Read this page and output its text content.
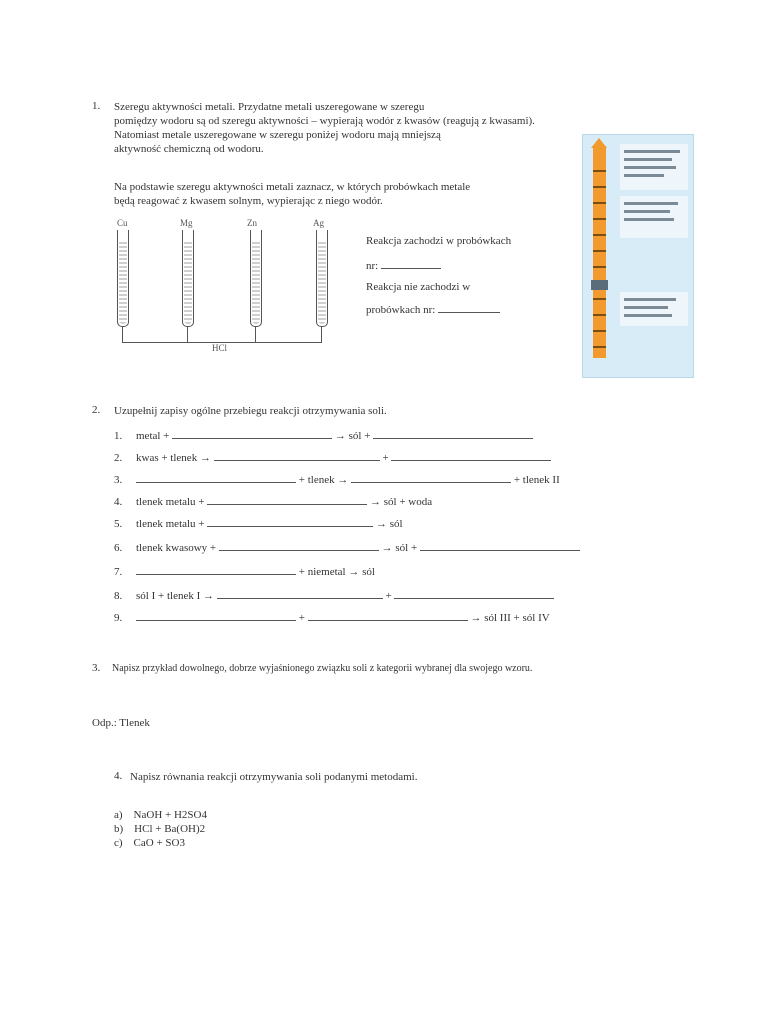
1. Szeregu aktywności metali. Przydatne metali uszeregowane w szeregu
pomiędzy wodoru są od szeregu aktywności – wypierają wodór z kwasów (reagują z kwasami).
Natomiast metale uszeregowane w szeregu poniżej wodoru mają mniejszą
aktywność chemiczną od wodoru.
Na podstawie szeregu aktywności metali zaznacz, w których probówkach metale
będą reagować z kwasem solnym, wypierając z niego wodór.
Cu	Mg	Zn	Ag
HCl
Reakcja zachodzi w probówkach
nr:
Reakcja nie zachodzi w
probówkach nr:
2. Uzupełnij zapisy ogólne przebiegu reakcji otrzymywania soli.
1. metal +	→ sól +
2. kwas + tlenek →	+
3.	+ tlenek →	+ tlenek II
4. tlenek metalu +	→ sól + woda
5. tlenek metalu +	→ sól
6. tlenek kwasowy +	→ sól +
7.	+ niemetal → sól
8. sól I + tlenek I →	+
9.	+	→ sól III + sól IV
3. Napisz przykład dowolnego, dobrze wyjaśnionego związku soli z kategorii wybranej dla swojego wzoru.
Odp.: Tlenek
4. Napisz równania reakcji otrzymywania soli podanymi metodami.
a) NaOH + H2SO4
b) HCl + Ba(OH)2
c) CaO + SO3
